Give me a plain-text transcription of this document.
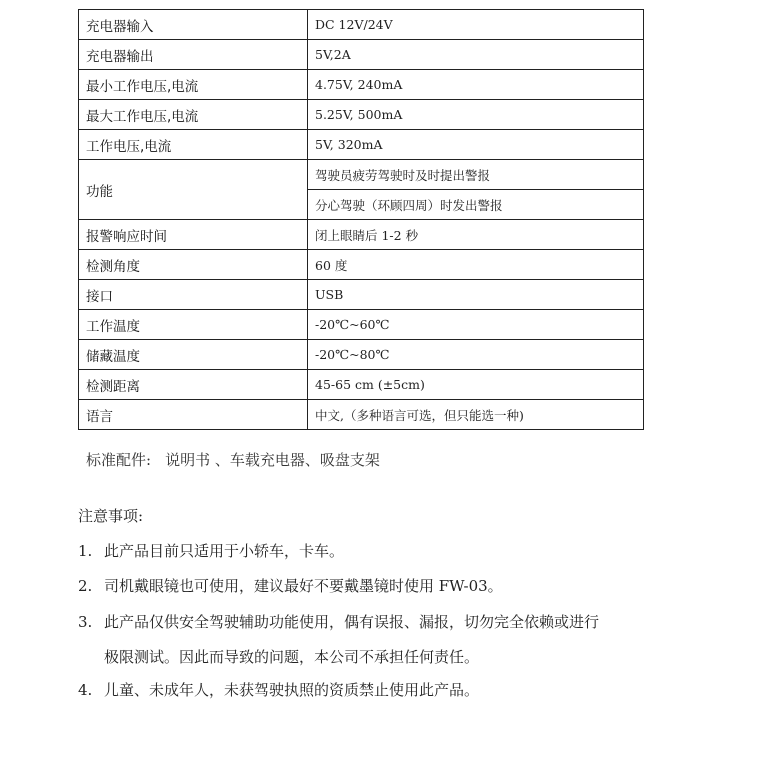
充电器输入	DC 12V/24V
充电器输出	5V,2A
最小工作电压,电流	4.75V, 240mA
最大工作电压,电流	5.25V, 500mA
工作电压,电流	5V, 320mA
功能	驾驶员疲劳驾驶时及时提出警报
	分心驾驶（环顾四周）时发出警报
报警响应时间	闭上眼睛后 1-2 秒
检测角度	60 度
接口	USB
工作温度	-20℃~60℃
储藏温度	-20℃~80℃
检测距离	45-65 cm (±5cm)
语言	中文,（多种语言可选，但只能选一种)
标准配件: 说明书 、车载充电器、吸盘支架
注意事项:
1. 此产品目前只适用于小轿车，卡车。
2. 司机戴眼镜也可使用，建议最好不要戴墨镜时使用 FW-03。
3. 此产品仅供安全驾驶辅助功能使用，偶有误报、漏报，切勿完全依赖或进行
极限测试。因此而导致的问题，本公司不承担任何责任。
4. 儿童、未成年人，未获驾驶执照的资质禁止使用此产品。
